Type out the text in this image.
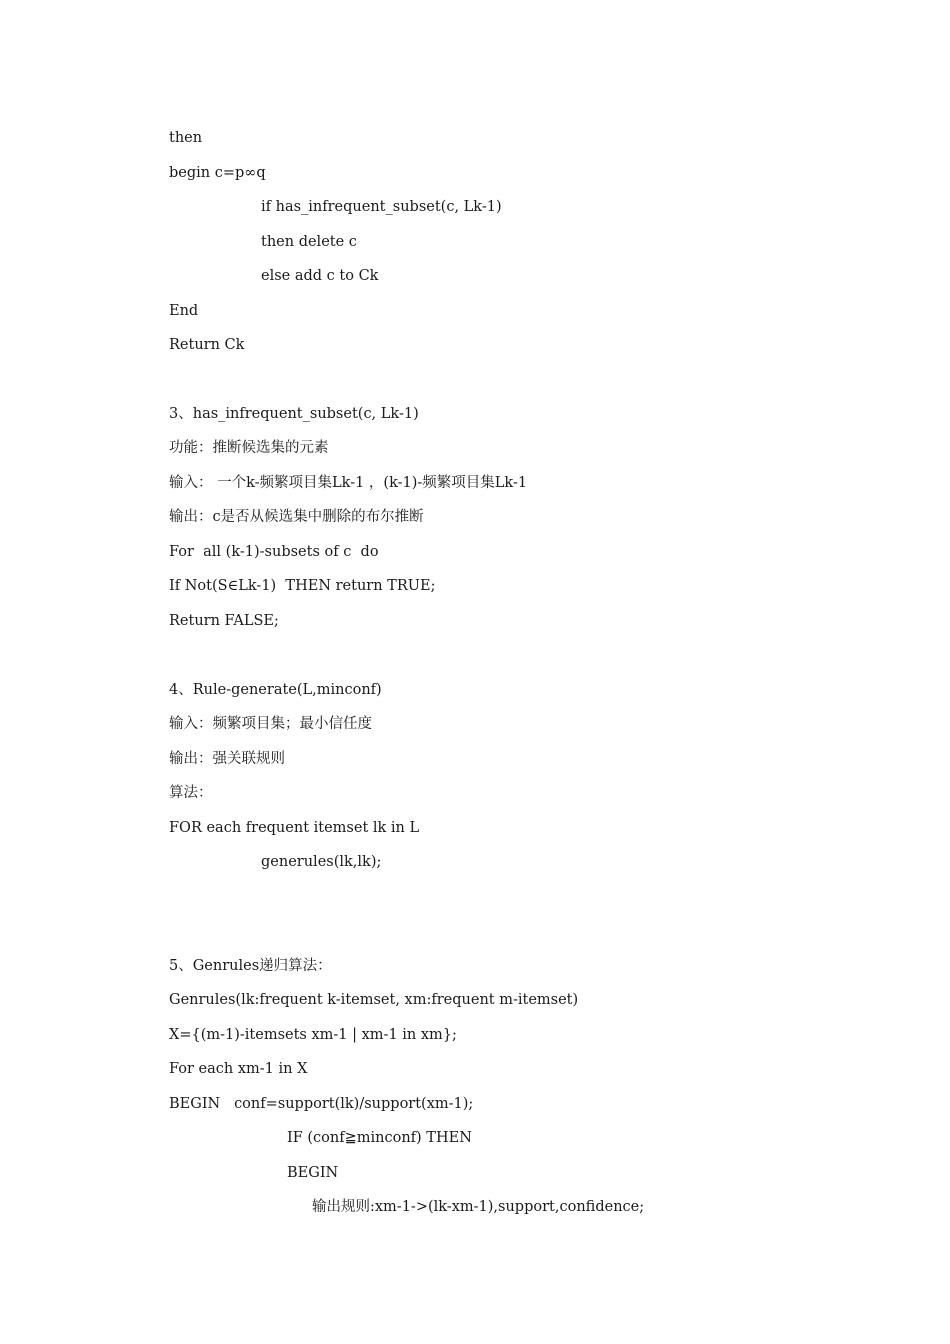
then
begin c=p∞q
if has_infrequent_subset(c, Lk-1)
then delete c
else add c to Ck
End
Return Ck
3、has_infrequent_subset(c, Lk-1)
功能：推断候选集的元素
输入： 一个k-频繁项目集Lk-1 ，(k-1)-频繁项目集Lk-1
输出：c是否从候选集中删除的布尔推断
For  all (k-1)-subsets of c  do
If Not(S∈Lk-1)  THEN return TRUE;
Return FALSE;
4、Rule-generate(L,minconf)
输入：频繁项目集；最小信任度
输出：强关联规则
算法：
FOR each frequent itemset lk in L
generules(lk,lk);
5、Genrules递归算法：
Genrules(lk:frequent k-itemset, xm:frequent m-itemset)
X={(m-1)-itemsets xm-1 | xm-1 in xm};
For each xm-1 in X
BEGIN   conf=support(lk)/support(xm-1);
IF (conf≧minconf) THEN
BEGIN
输出规则:xm-1->(lk-xm-1),support,confidence;
